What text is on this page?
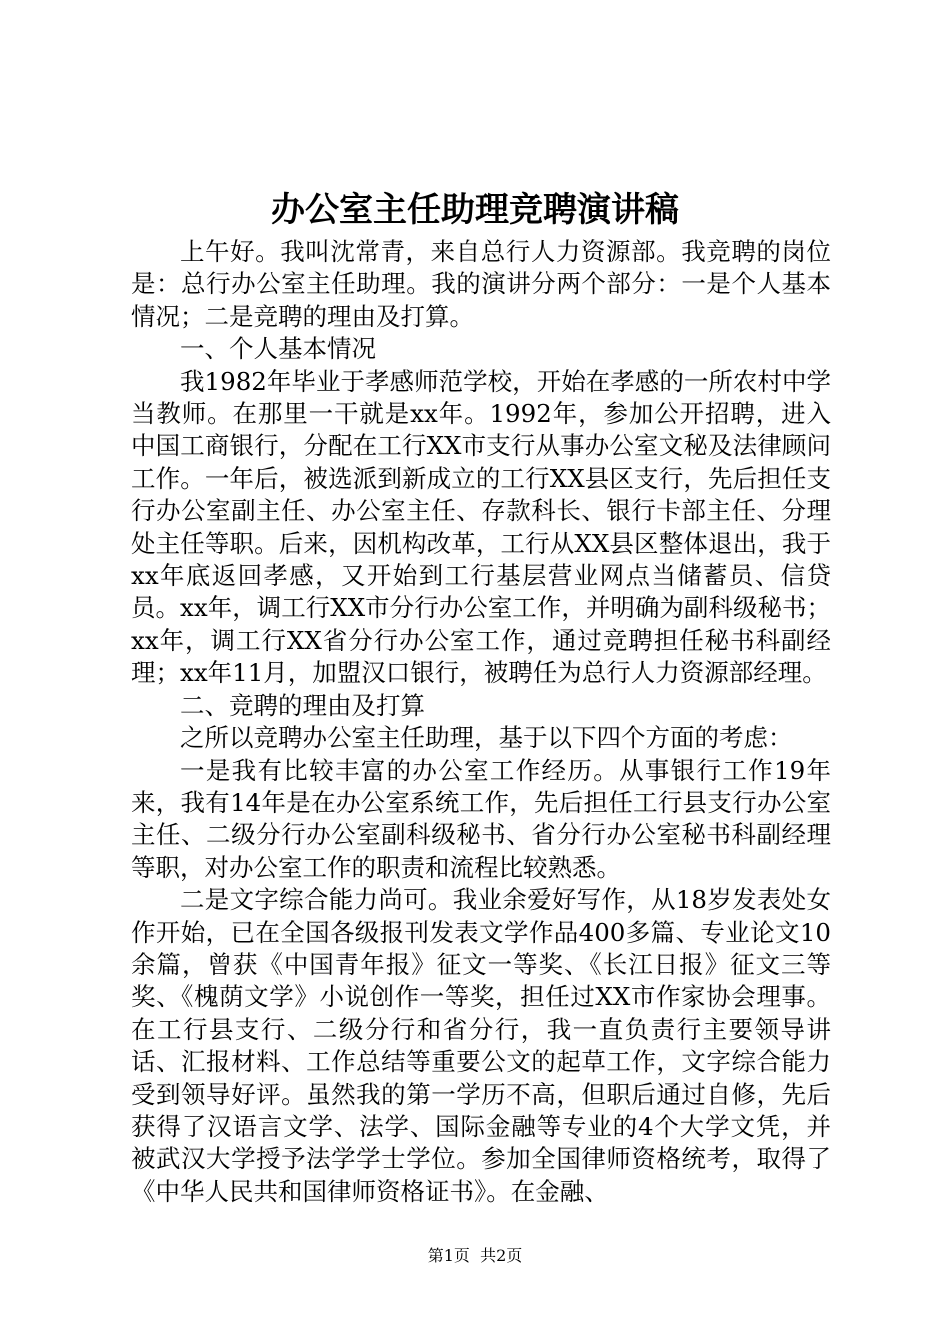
办公室主任助理竞聘演讲稿

上午好。我叫沈常青，来自总行人力资源部。我竞聘的岗位是：总行办公室主任助理。我的演讲分两个部分：一是个人基本情况；二是竞聘的理由及打算。

一、个人基本情况

我1982年毕业于孝感师范学校，开始在孝感的一所农村中学当教师。在那里一干就是xx年。1992年，参加公开招聘，进入中国工商银行，分配在工行XX市支行从事办公室文秘及法律顾问工作。一年后，被选派到新成立的工行XX县区支行，先后担任支行办公室副主任、办公室主任、存款科长、银行卡部主任、分理处主任等职。后来，因机构改革，工行从XX县区整体退出，我于xx年底返回孝感，又开始到工行基层营业网点当储蓄员、信贷员。xx年，调工行XX市分行办公室工作，并明确为副科级秘书；xx年，调工行XX省分行办公室工作，通过竞聘担任秘书科副经理；xx年11月，加盟汉口银行，被聘任为总行人力资源部经理。

二、竞聘的理由及打算

之所以竞聘办公室主任助理，基于以下四个方面的考虑：

一是我有比较丰富的办公室工作经历。从事银行工作19年来，我有14年是在办公室系统工作，先后担任工行县支行办公室主任、二级分行办公室副科级秘书、省分行办公室秘书科副经理等职，对办公室工作的职责和流程比较熟悉。

二是文字综合能力尚可。我业余爱好写作，从18岁发表处女作开始，已在全国各级报刊发表文学作品400多篇、专业论文10余篇，曾获《中国青年报》征文一等奖、《长江日报》征文三等奖、《槐荫文学》小说创作一等奖，担任过XX市作家协会理事。在工行县支行、二级分行和省分行，我一直负责行主要领导讲话、汇报材料、工作总结等重要公文的起草工作，文字综合能力受到领导好评。虽然我的第一学历不高，但职后通过自修，先后获得了汉语言文学、法学、国际金融等专业的4个大学文凭，并被武汉大学授予法学学士学位。参加全国律师资格统考，取得了《中华人民共和国律师资格证书》。在金融、

第1页 共2页
